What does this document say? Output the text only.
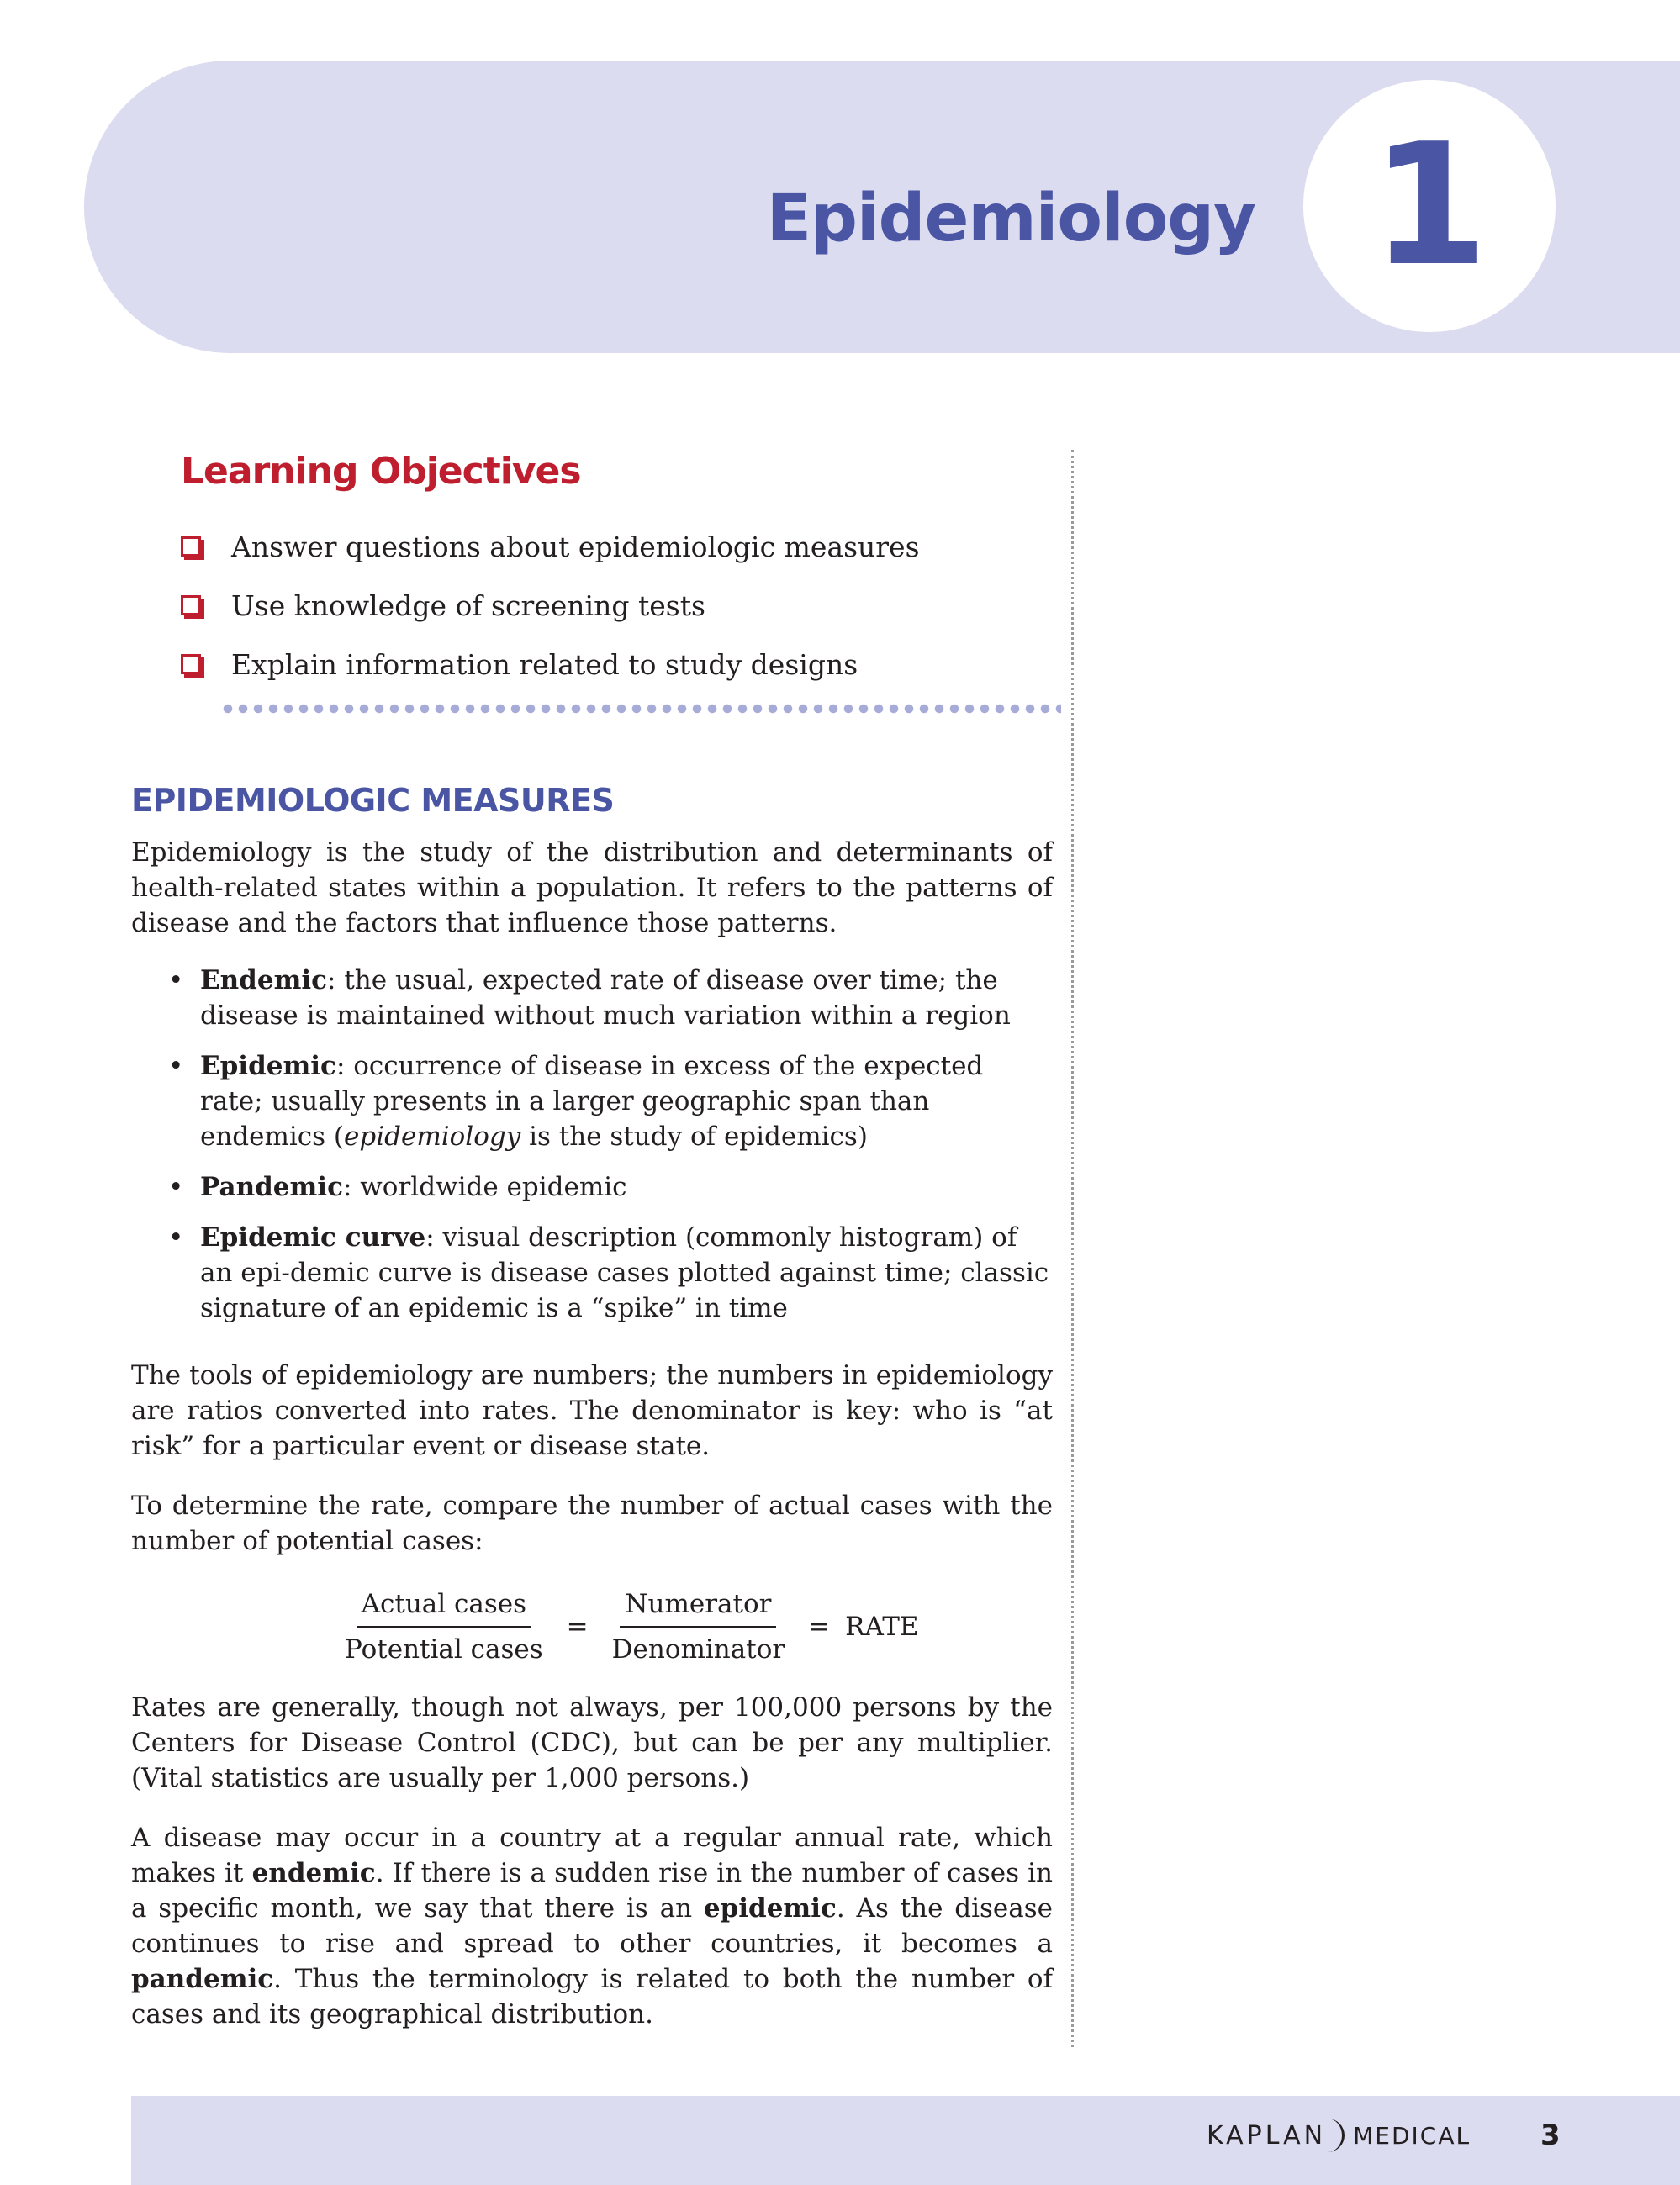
Epidemiology 1
Learning Objectives
Answer questions about epidemiologic measures
Use knowledge of screening tests
Explain information related to study designs
EPIDEMIOLOGIC MEASURES

Epidemiology is the study of the distribution and determinants of health-related states within a population. It refers to the patterns of disease and the factors that influence those patterns.

• Endemic: the usual, expected rate of disease over time; the disease is maintained without much variation within a region
• Epidemic: occurrence of disease in excess of the expected rate; usually presents in a larger geographic span than endemics (epidemiology is the study of epidemics)
• Pandemic: worldwide epidemic
• Epidemic curve: visual description (commonly histogram) of an epi-demic curve is disease cases plotted against time; classic signature of an epidemic is a “spike” in time

The tools of epidemiology are numbers; the numbers in epidemiology are ratios converted into rates. The denominator is key: who is “at risk” for a particular event or disease state.

To determine the rate, compare the number of actual cases with the number of potential cases:

$\frac{\text{Actual cases}}{\text{Potential cases}} = \frac{\text{Numerator}}{\text{Denominator}}$ = RATE

Rates are generally, though not always, per 100,000 persons by the Centers for Disease Control (CDC), but can be per any multiplier. (Vital statistics are usually per 1,000 persons.)

A disease may occur in a country at a regular annual rate, which makes it endemic. If there is a sudden rise in the number of cases in a specific month, we say that there is an epidemic. As the disease continues to rise and spread to other countries, it becomes a pandemic. Thus the terminology is related to both the number of cases and its geographical distribution.

KAPLAN MEDICAL 3
